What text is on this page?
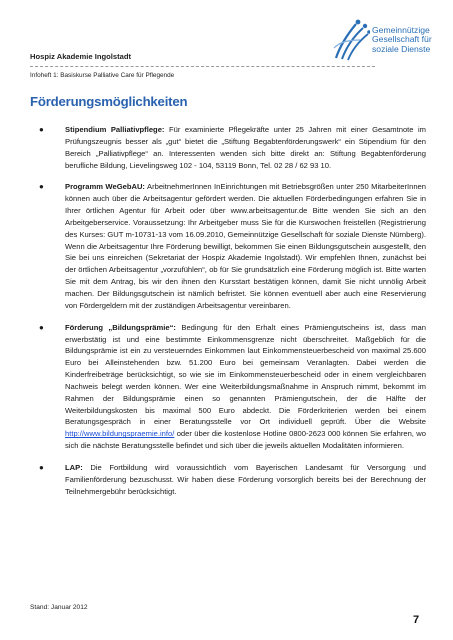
Gemeinnützige
Gesellschaft für
soziale Dienste
Hospiz Akademie Ingolstadt
Infoheft 1: Basiskurse Palliative Care für Pflegende
Förderungsmöglichkeiten
●	Stipendium Palliativpflege: Für examinierte Pflegekräfte unter 25 Jahren mit einer Gesamtnote im Prüfungszeugnis besser als „gut“ bietet die „Stiftung Begabtenförderungswerk“ ein Stipendium für den Bereich „Palliativpflege“ an. Interessenten wenden sich bitte direkt an: Stiftung Begabtenförderung berufliche Bildung, Lievelingsweg 102 - 104, 53119 Bonn, Tel. 02 28 / 62 93 10.
●	Programm WeGebAU: ArbeitnehmerInnen InEinrichtungen mit Betriebsgrößen unter 250 MitarbeiterInnen können auch über die Arbeitsagentur gefördert werden. Die aktuellen Förderbedingungen erfahren Sie in Ihrer örtlichen Agentur für Arbeit oder über www.arbeitsagentur.de Bitte wenden Sie sich an den Arbeitgeberservice. Voraussetzung: Ihr Arbeitgeber muss Sie für die Kurswochen freistellen (Registrierung des Kurses: GUT m-10731-13 vom 16.09.2010, Gemeinnützige Gesellschaft für soziale Dienste Nürnberg). Wenn die Arbeitsagentur Ihre Förderung bewilligt, bekommen Sie einen Bildungsgutschein ausgestellt, den Sie bei uns einreichen (Sekretariat der Hospiz Akademie Ingolstadt). Wir empfehlen Ihnen, zunächst bei der örtlichen Arbeitsagentur „vorzufühlen“, ob für Sie grundsätzlich eine Förderung möglich ist. Bitte warten Sie mit dem Antrag, bis wir den ihnen den Kursstart bestätigen können, damit Sie nicht unnölig Arbeit machen. Der Bildungsgutschein ist nämlich befristet. Sie können eventuell aber auch eine Reservierung von Fördergeldern mit der zuständigen Arbeitsagentur vereinbaren.
●	Förderung „Bildungsprämie“: Bedingung für den Erhalt eines Prämiengutscheins ist, dass man erwerbstätig ist und eine bestimmte Einkommensgrenze nicht überschreitet. Maßgeblich für die Bildungsprämie ist ein zu versteuerndes Einkommen laut Einkommensteuerbescheid von maximal 25.600 Euro bei Alleinstehenden bzw. 51.200 Euro bei gemeinsam Veranlagten. Dabei werden die Kinderfreibeträge berücksichtigt, so wie sie im Einkommensteuerbescheid oder in einem vergleichbaren Nachweis belegt werden können. Wer eine Weiterbildungsmaßnahme in Anspruch nimmt, bekommt im Rahmen der Bildungsprämie einen so genannten Prämiengutschein, der die Hälfte der Weiterbildungskosten bis maximal 500 Euro abdeckt. Die Förderkriterien werden bei einem Beratungsgespräch in einer Beratungsstelle vor Ort individuell geprüft. Über die Website http://www.bildungspraemie.info/ oder über die kostenlose Hotline 0800-2623 000 können Sie erfahren, wo sich die nächste Beratungsstelle befindet und sich über die jeweils aktuellen Modalitäten informieren.
●	LAP: Die Fortbildung wird voraussichtlich vom Bayerischen Landesamt für Versorgung und Familienförderung bezuschusst. Wir haben diese Förderung vorsorglich bereits bei der Berechnung der Teilnehmergebühr berücksichtigt.
Stand: Januar 2012
7
